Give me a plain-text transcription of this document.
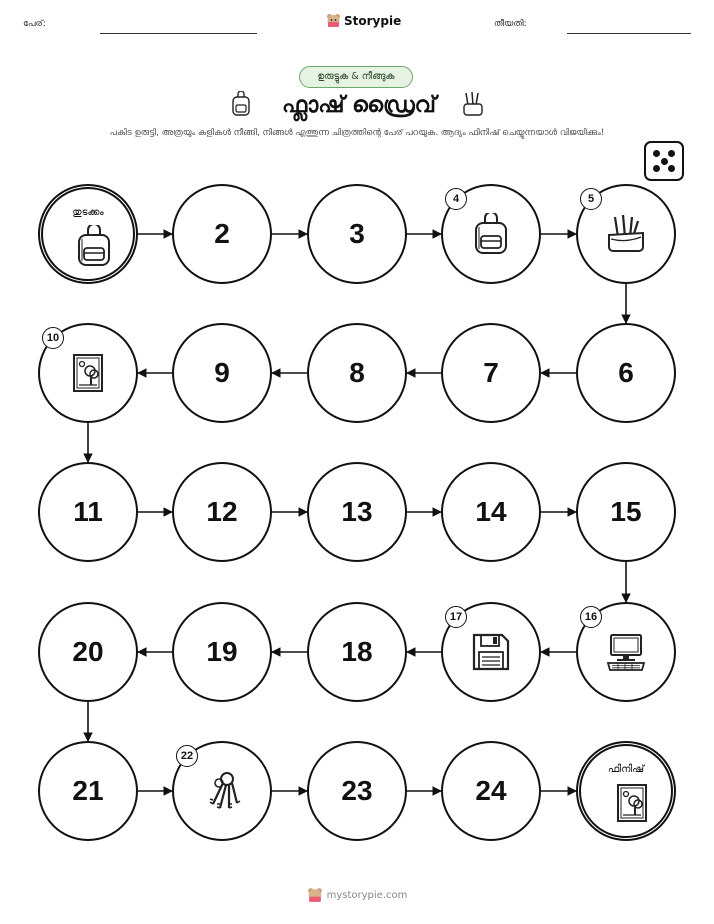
പേര്:	Storypie	തീയതി:
ഉരുട്ടുക & നീങ്ങുക
ഫ്ലാഷ് ഡ്രൈവ്
പകിട ഉരുട്ടി, അത്രയും കളികൾ നീങ്ങി, നിങ്ങൾ എത്തുന്ന ചിത്രത്തിന്റെ പേര് പറയുക. ആദ്യം ഫിനിഷ് ചെയ്യുന്നയാൾ വിജയിക്കും!
തുടക്കം
2	3
4	5
6
7
8
9
10
11	12	13	14	15
16
17
18
19
20
21
22
23	24
ഫിനിഷ്
mystorypie.com
